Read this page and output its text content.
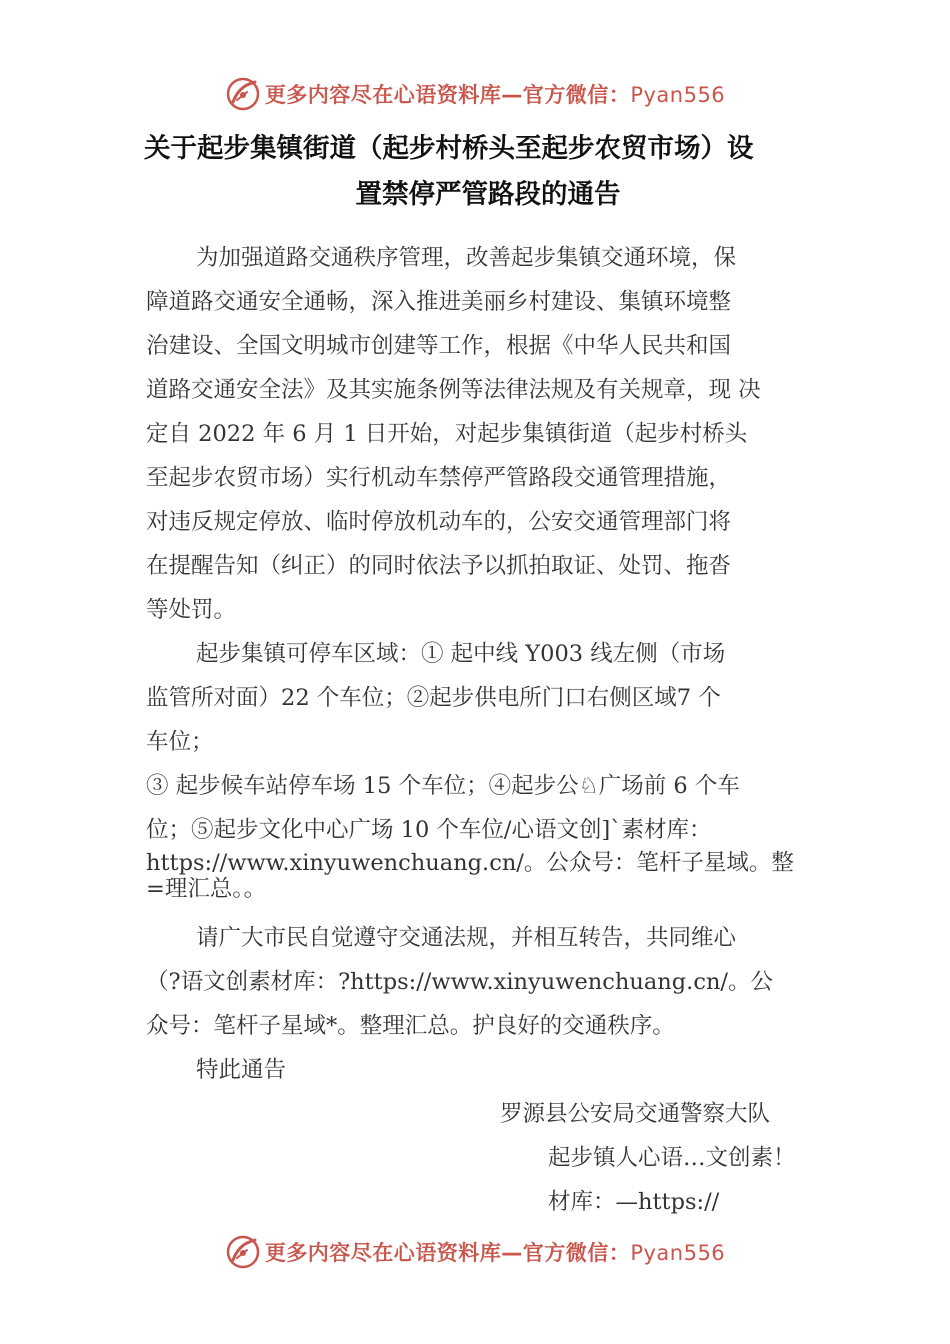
更多内容尽在心语资料库—官方微信：Pyan556
关于起步集镇街道（起步村桥头至起步农贸市场）设
置禁停严管路段的通告
为加强道路交通秩序管理，改善起步集镇交通环境，保
障道路交通安全通畅，深入推进美丽乡村建设、集镇环境整
治建设、全国文明城市创建等工作，根据《中华人民共和国
道路交通安全法》及其实施条例等法律法规及有关规章，现 决
定自 2022 年 6 月 1 日开始，对起步集镇街道（起步村桥头
至起步农贸市场）实行机动车禁停严管路段交通管理措施，
对违反规定停放、临时停放机动车的，公安交通管理部门将
在提醒告知（纠正）的同时依法予以抓拍取证、处罚、拖沓
等处罚。
起步集镇可停车区域：① 起中线 Y003 线左侧（市场
监管所对面）22 个车位；②起步供电所门口右侧区域7 个
车位；
③ 起步候车站停车场 15 个车位；④起步公♘广场前 6 个车
位；⑤起步文化中心广场 10 个车位/心语文创]`素材库：
https://www.xinyuwenchuang.cn/。公众号：笔杆子星域。整
=理汇总。。
请广大市民自觉遵守交通法规，并相互转告，共同维心
（?语文创素材库：?https://www.xinyuwenchuang.cn/。公
众号：笔杆子星域*。整理汇总。护良好的交通秩序。
特此通告
罗源县公安局交通警察大队
起步镇人心语…文创素！
材库：—https://
更多内容尽在心语资料库—官方微信：Pyan556
